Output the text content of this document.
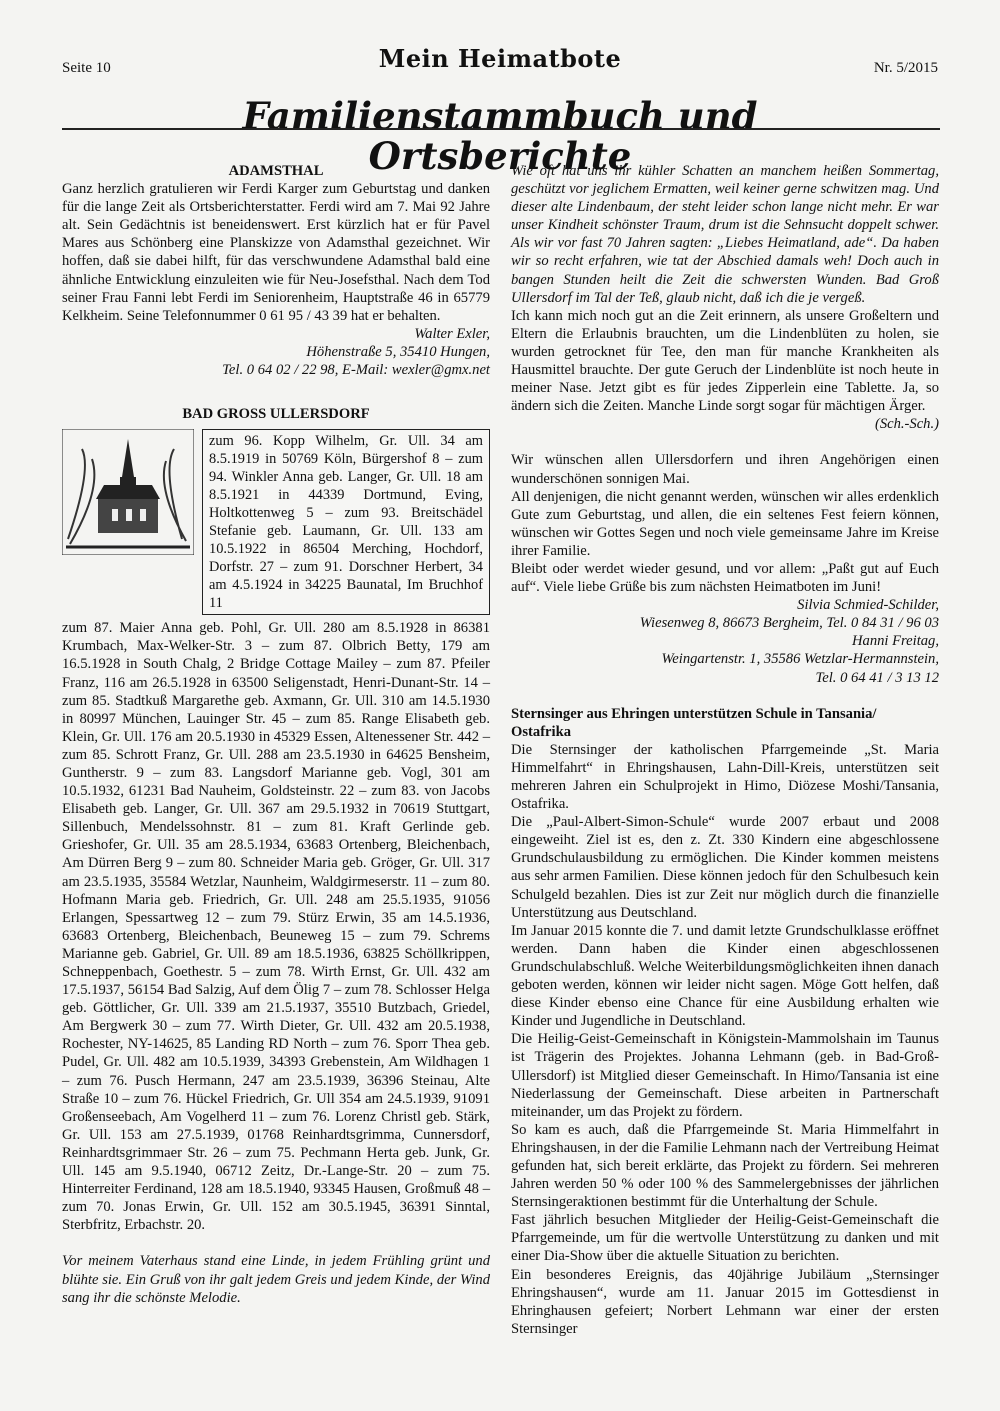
Seite 10	Mein Heimatbote	Nr. 5/2015
Familienstammbuch und Ortsberichte

ADAMSTHAL

Ganz herzlich gratulieren wir Ferdi Karger zum Geburtstag und danken für die lange Zeit als Ortsberichterstatter. Ferdi wird am 7. Mai 92 Jahre alt. Sein Gedächtnis ist beneidenswert. Erst kürzlich hat er für Pavel Mares aus Schönberg eine Planskizze von Adamsthal gezeichnet. Wir hoffen, daß sie dabei hilft, für das verschwundene Adamsthal bald eine ähnliche Entwicklung einzuleiten wie für Neu-Josefsthal. Nach dem Tod seiner Frau Fanni lebt Ferdi im Seniorenheim, Hauptstraße 46 in 65779 Kelkheim. Seine Telefonnummer 0 61 95 / 43 39 hat er behalten.

Walter Exler,

Höhenstraße 5, 35410 Hungen,

Tel. 0 64 02 / 22 98, E-Mail: wexler@gmx.net

BAD GROSS ULLERSDORF

zum 96. Kopp Wilhelm, Gr. Ull. 34 am 8.5.1919 in 50769 Köln, Bürgershof 8 – zum 94. Winkler Anna geb. Langer, Gr. Ull. 18 am 8.5.1921 in 44339 Dortmund, Eving, Holtkottenweg 5 – zum 93. Breitschädel Stefanie geb. Laumann, Gr. Ull. 133 am 10.5.1922 in 86504 Merching, Hochdorf, Dorfstr. 27 – zum 91. Dorschner Herbert, 34 am 4.5.1924 in 34225 Baunatal, Im Bruchhof 11

zum 87. Maier Anna geb. Pohl, Gr. Ull. 280 am 8.5.1928 in 86381 Krumbach, Max-Welker-Str. 3 – zum 87. Olbrich Betty, 179 am 16.5.1928 in South Chalg, 2 Bridge Cottage Mailey – zum 87. Pfeiler Franz, 116 am 26.5.1928 in 63500 Seligenstadt, Henri-Dunant-Str. 14 – zum 85. Stadtkuß Margarethe geb. Axmann, Gr. Ull. 310 am 14.5.1930 in 80997 München, Lauinger Str. 45 – zum 85. Range Elisabeth geb. Klein, Gr. Ull. 176 am 20.5.1930 in 45329 Essen, Altenessener Str. 442 – zum 85. Schrott Franz, Gr. Ull. 288 am 23.5.1930 in 64625 Bensheim, Guntherstr. 9 – zum 83. Langsdorf Marianne geb. Vogl, 301 am 10.5.1932, 61231 Bad Nauheim, Goldsteinstr. 22 – zum 83. von Jacobs Elisabeth geb. Langer, Gr. Ull. 367 am 29.5.1932 in 70619 Stuttgart, Sillenbuch, Mendelssohnstr. 81 – zum 81. Kraft Gerlinde geb. Grieshofer, Gr. Ull. 35 am 28.5.1934, 63683 Ortenberg, Bleichenbach, Am Dürren Berg 9 – zum 80. Schneider Maria geb. Gröger, Gr. Ull. 317 am 23.5.1935, 35584 Wetzlar, Naunheim, Waldgirmeserstr. 11 – zum 80. Hofmann Maria geb. Friedrich, Gr. Ull. 248 am 25.5.1935, 91056 Erlangen, Spessartweg 12 – zum 79. Stürz Erwin, 35 am 14.5.1936, 63683 Ortenberg, Bleichenbach, Beuneweg 15 – zum 79. Schrems Marianne geb. Gabriel, Gr. Ull. 89 am 18.5.1936, 63825 Schöllkrippen, Schneppenbach, Goethestr. 5 – zum 78. Wirth Ernst, Gr. Ull. 432 am 17.5.1937, 56154 Bad Salzig, Auf dem Ölig 7 – zum 78. Schlosser Helga geb. Göttlicher, Gr. Ull. 339 am 21.5.1937, 35510 Butzbach, Griedel, Am Bergwerk 30 – zum 77. Wirth Dieter, Gr. Ull. 432 am 20.5.1938, Rochester, NY-14625, 85 Landing RD North – zum 76. Sporr Thea geb. Pudel, Gr. Ull. 482 am 10.5.1939, 34393 Grebenstein, Am Wildhagen 1 – zum 76. Pusch Hermann, 247 am 23.5.1939, 36396 Steinau, Alte Straße 10 – zum 76. Hückel Friedrich, Gr. Ull 354 am 24.5.1939, 91091 Großenseebach, Am Vogelherd 11 – zum 76. Lorenz Christl geb. Stärk, Gr. Ull. 153 am 27.5.1939, 01768 Reinhardtsgrimma, Cunnersdorf, Reinhardtsgrimmaer Str. 26 – zum 75. Pechmann Herta geb. Junk, Gr. Ull. 145 am 9.5.1940, 06712 Zeitz, Dr.-Lange-Str. 20 – zum 75. Hinterreiter Ferdinand, 128 am 18.5.1940, 93345 Hausen, Großmuß 48 – zum 70. Jonas Erwin, Gr. Ull. 152 am 30.5.1945, 36391 Sinntal, Sterbfritz, Erbachstr. 20.

Vor meinem Vaterhaus stand eine Linde, in jedem Frühling grünt und blühte sie. Ein Gruß von ihr galt jedem Greis und jedem Kinde, der Wind sang ihr die schönste Melodie.

Wie oft hat uns ihr kühler Schatten an manchem heißen Sommertag, geschützt vor jeglichem Ermatten, weil keiner gerne schwitzen mag. Und dieser alte Lindenbaum, der steht leider schon lange nicht mehr. Er war unser Kindheit schönster Traum, drum ist die Sehnsucht doppelt schwer. Als wir vor fast 70 Jahren sagten: „Liebes Heimatland, ade“. Da haben wir so recht erfahren, wie tat der Abschied damals weh! Doch auch in bangen Stunden heilt die Zeit die schwersten Wunden. Bad Groß Ullersdorf im Tal der Teß, glaub nicht, daß ich die je vergeß.

Ich kann mich noch gut an die Zeit erinnern, als unsere Großeltern und Eltern die Erlaubnis brauchten, um die Lindenblüten zu holen, sie wurden getrocknet für Tee, den man für manche Krankheiten als Hausmittel brauchte. Der gute Geruch der Lindenblüte ist noch heute in meiner Nase. Jetzt gibt es für jedes Zipperlein eine Tablette. Ja, so ändern sich die Zeiten. Manche Linde sorgt sogar für mächtigen Ärger.

(Sch.-Sch.)

Wir wünschen allen Ullersdorfern und ihren Angehörigen einen wunderschönen sonnigen Mai.

All denjenigen, die nicht genannt werden, wünschen wir alles erdenklich Gute zum Geburtstag, und allen, die ein seltenes Fest feiern können, wünschen wir Gottes Segen und noch viele gemeinsame Jahre im Kreise ihrer Familie.

Bleibt oder werdet wieder gesund, und vor allem: „Paßt gut auf Euch auf“. Viele liebe Grüße bis zum nächsten Heimatboten im Juni!

Silvia Schmied-Schilder,

Wiesenweg 8, 86673 Bergheim, Tel. 0 84 31 / 96 03

Hanni Freitag,

Weingartenstr. 1, 35586 Wetzlar-Hermannstein,

Tel. 0 64 41 / 3 13 12

Sternsinger aus Ehringen unterstützen Schule in Tansania/ Ostafrika

Die Sternsinger der katholischen Pfarrgemeinde „St. Maria Himmelfahrt“ in Ehringshausen, Lahn-Dill-Kreis, unterstützen seit mehreren Jahren ein Schulprojekt in Himo, Diözese Moshi/Tansania, Ostafrika.

Die „Paul-Albert-Simon-Schule“ wurde 2007 erbaut und 2008 eingeweiht. Ziel ist es, den z. Zt. 330 Kindern eine abgeschlossene Grundschulausbildung zu ermöglichen. Die Kinder kommen meistens aus sehr armen Familien. Diese können jedoch für den Schulbesuch kein Schulgeld bezahlen. Dies ist zur Zeit nur möglich durch die finanzielle Unterstützung aus Deutschland.

Im Januar 2015 konnte die 7. und damit letzte Grundschulklasse eröffnet werden. Dann haben die Kinder einen abgeschlossenen Grundschulabschluß. Welche Weiterbildungsmöglichkeiten ihnen danach geboten werden, können wir leider nicht sagen. Möge Gott helfen, daß diese Kinder ebenso eine Chance für eine Ausbildung erhalten wie Kinder und Jugendliche in Deutschland.

Die Heilig-Geist-Gemeinschaft in Königstein-Mammolshain im Taunus ist Trägerin des Projektes. Johanna Lehmann (geb. in Bad-Groß-Ullersdorf) ist Mitglied dieser Gemeinschaft. In Himo/Tansania ist eine Niederlassung der Gemeinschaft. Diese arbeiten in Partnerschaft miteinander, um das Projekt zu fördern.

So kam es auch, daß die Pfarrgemeinde St. Maria Himmelfahrt in Ehringshausen, in der die Familie Lehmann nach der Vertreibung Heimat gefunden hat, sich bereit erklärte, das Projekt zu fördern. Sei mehreren Jahren werden 50 % oder 100 % des Sammelergebnisses der jährlichen Sternsingeraktionen bestimmt für die Unterhaltung der Schule.

Fast jährlich besuchen Mitglieder der Heilig-Geist-Gemeinschaft die Pfarrgemeinde, um für die wertvolle Unterstützung zu danken und mit einer Dia-Show über die aktuelle Situation zu berichten.

Ein besonderes Ereignis, das 40jährige Jubiläum „Sternsinger Ehringshausen“, wurde am 11. Januar 2015 im Gottesdienst in Ehringhausen gefeiert; Norbert Lehmann war einer der ersten Sternsinger
